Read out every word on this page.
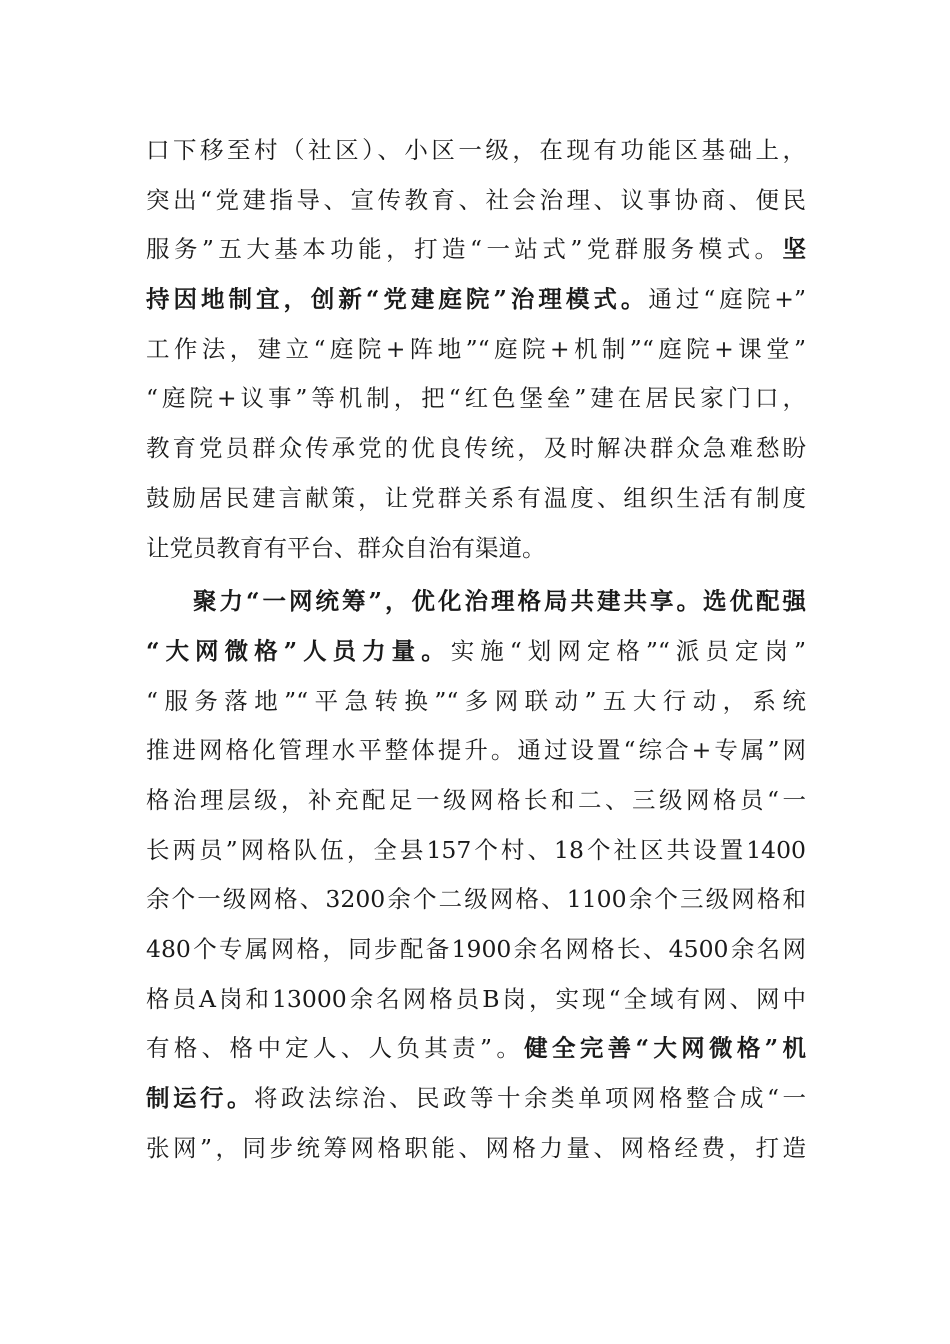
口下移至村（社区）、小区一级，在现有功能区基础上，
突出“党建指导、宣传教育、社会治理、议事协商、便民
服务”五大基本功能，打造“一站式”党群服务模式。坚
持因地制宜，创新“党建庭院”治理模式。通过“庭院+”
工作法，建立“庭院+阵地”“庭院+机制”“庭院+课堂”
“庭院+议事”等机制，把“红色堡垒”建在居民家门口，
教育党员群众传承党的优良传统，及时解决群众急难愁盼
鼓励居民建言献策，让党群关系有温度、组织生活有制度
让党员教育有平台、群众自治有渠道。
聚力“一网统筹”，优化治理格局共建共享。选优配强
“大网微格”人员力量。实施“划网定格”“派员定岗”
“服务落地”“平急转换”“多网联动”五大行动，系统
推进网格化管理水平整体提升。通过设置“综合+专属”网
格治理层级，补充配足一级网格长和二、三级网格员“一
长两员”网格队伍，全县157个村、18个社区共设置1400
余个一级网格、3200余个二级网格、1100余个三级网格和
480个专属网格，同步配备1900余名网格长、4500余名网
格员A岗和13000余名网格员B岗，实现“全域有网、网中
有格、格中定人、人负其责”。健全完善“大网微格”机
制运行。将政法综治、民政等十余类单项网格整合成“一
张网”，同步统筹网格职能、网格力量、网格经费，打造
